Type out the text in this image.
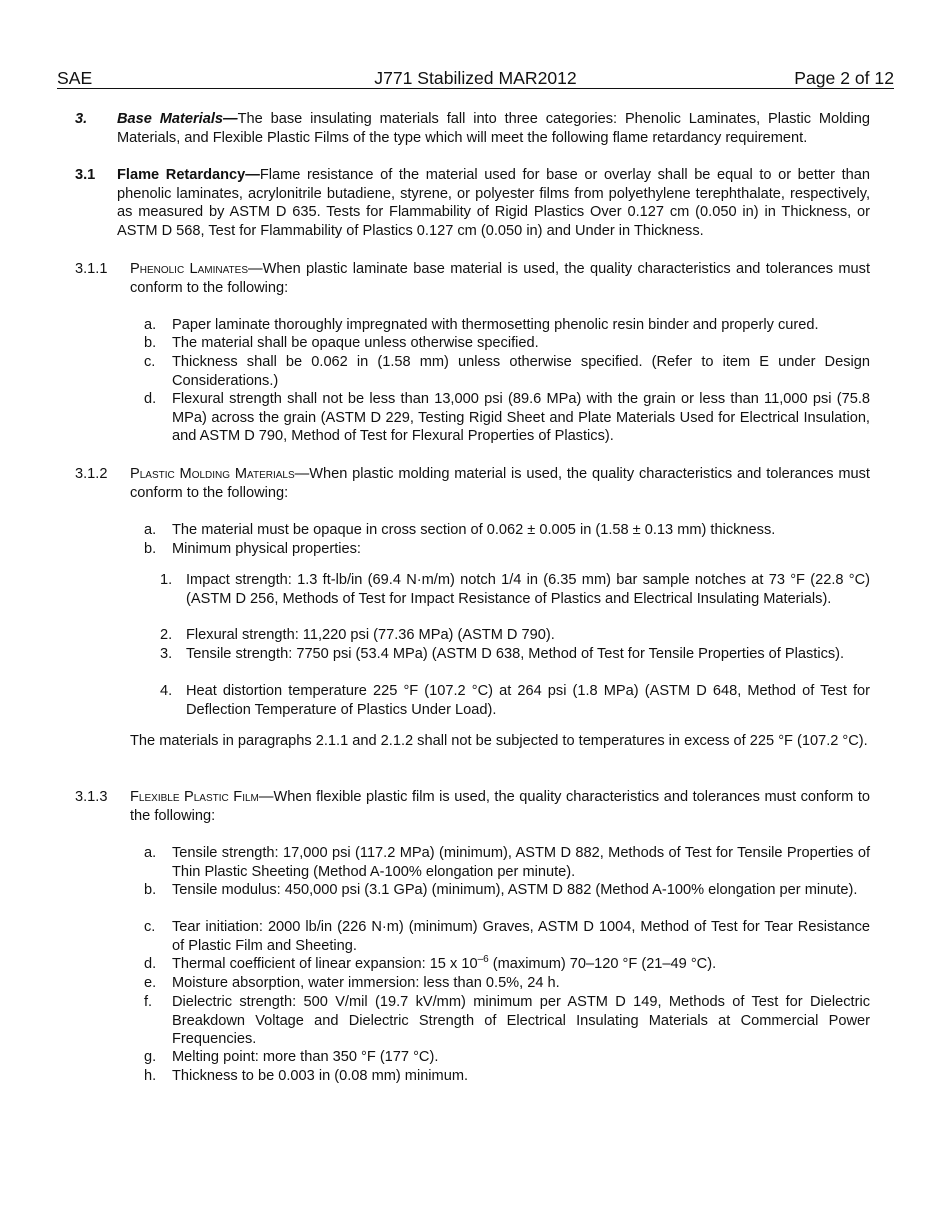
SAE	J771 Stabilized MAR2012	Page 2 of 12

3. Base Materials—The base insulating materials fall into three categories: Phenolic Laminates, Plastic Molding Materials, and Flexible Plastic Films of the type which will meet the following flame retardancy requirement.

3.1 Flame Retardancy—Flame resistance of the material used for base or overlay shall be equal to or better than phenolic laminates, acrylonitrile butadiene, styrene, or polyester films from polyethylene terephthalate, respectively, as measured by ASTM D 635. Tests for Flammability of Rigid Plastics Over 0.127 cm (0.050 in) in Thickness, or ASTM D 568, Test for Flammability of Plastics 0.127 cm (0.050 in) and Under in Thickness.

3.1.1 Phenolic Laminates—When plastic laminate base material is used, the quality characteristics and tolerances must conform to the following:

a. Paper laminate thoroughly impregnated with thermosetting phenolic resin binder and properly cured.

b. The material shall be opaque unless otherwise specified.

c. Thickness shall be 0.062 in (1.58 mm) unless otherwise specified. (Refer to item E under Design Considerations.)

d. Flexural strength shall not be less than 13,000 psi (89.6 MPa) with the grain or less than 11,000 psi (75.8 MPa) across the grain (ASTM D 229, Testing Rigid Sheet and Plate Materials Used for Electrical Insulation, and ASTM D 790, Method of Test for Flexural Properties of Plastics).

3.1.2 Plastic Molding Materials—When plastic molding material is used, the quality characteristics and tolerances must conform to the following:

a. The material must be opaque in cross section of 0.062 ± 0.005 in (1.58 ± 0.13 mm) thickness.

b. Minimum physical properties:

1. Impact strength: 1.3 ft-lb/in (69.4 N·m/m) notch 1/4 in (6.35 mm) bar sample notches at 73 °F (22.8 °C) (ASTM D 256, Methods of Test for Impact Resistance of Plastics and Electrical Insulating Materials).

2. Flexural strength: 11,220 psi (77.36 MPa) (ASTM D 790).

3. Tensile strength: 7750 psi (53.4 MPa) (ASTM D 638, Method of Test for Tensile Properties of Plastics).

4. Heat distortion temperature 225 °F (107.2 °C) at 264 psi (1.8 MPa) (ASTM D 648, Method of Test for Deflection Temperature of Plastics Under Load).

The materials in paragraphs 2.1.1 and 2.1.2 shall not be subjected to temperatures in excess of 225 °F (107.2 °C).

3.1.3 Flexible Plastic Film—When flexible plastic film is used, the quality characteristics and tolerances must conform to the following:

a. Tensile strength: 17,000 psi (117.2 MPa) (minimum), ASTM D 882, Methods of Test for Tensile Properties of Thin Plastic Sheeting (Method A-100% elongation per minute).

b. Tensile modulus: 450,000 psi (3.1 GPa) (minimum), ASTM D 882 (Method A-100% elongation per minute).

c. Tear initiation: 2000 lb/in (226 N·m) (minimum) Graves, ASTM D 1004, Method of Test for Tear Resistance of Plastic Film and Sheeting.

d. Thermal coefficient of linear expansion: 15 x $10^{-6}$ (maximum) 70–120 °F (21–49 °C).

e. Moisture absorption, water immersion: less than 0.5%, 24 h.

f. Dielectric strength: 500 V/mil (19.7 kV/mm) minimum per ASTM D 149, Methods of Test for Dielectric Breakdown Voltage and Dielectric Strength of Electrical Insulating Materials at Commercial Power Frequencies.

g. Melting point: more than 350 °F (177 °C).

h. Thickness to be 0.003 in (0.08 mm) minimum.
